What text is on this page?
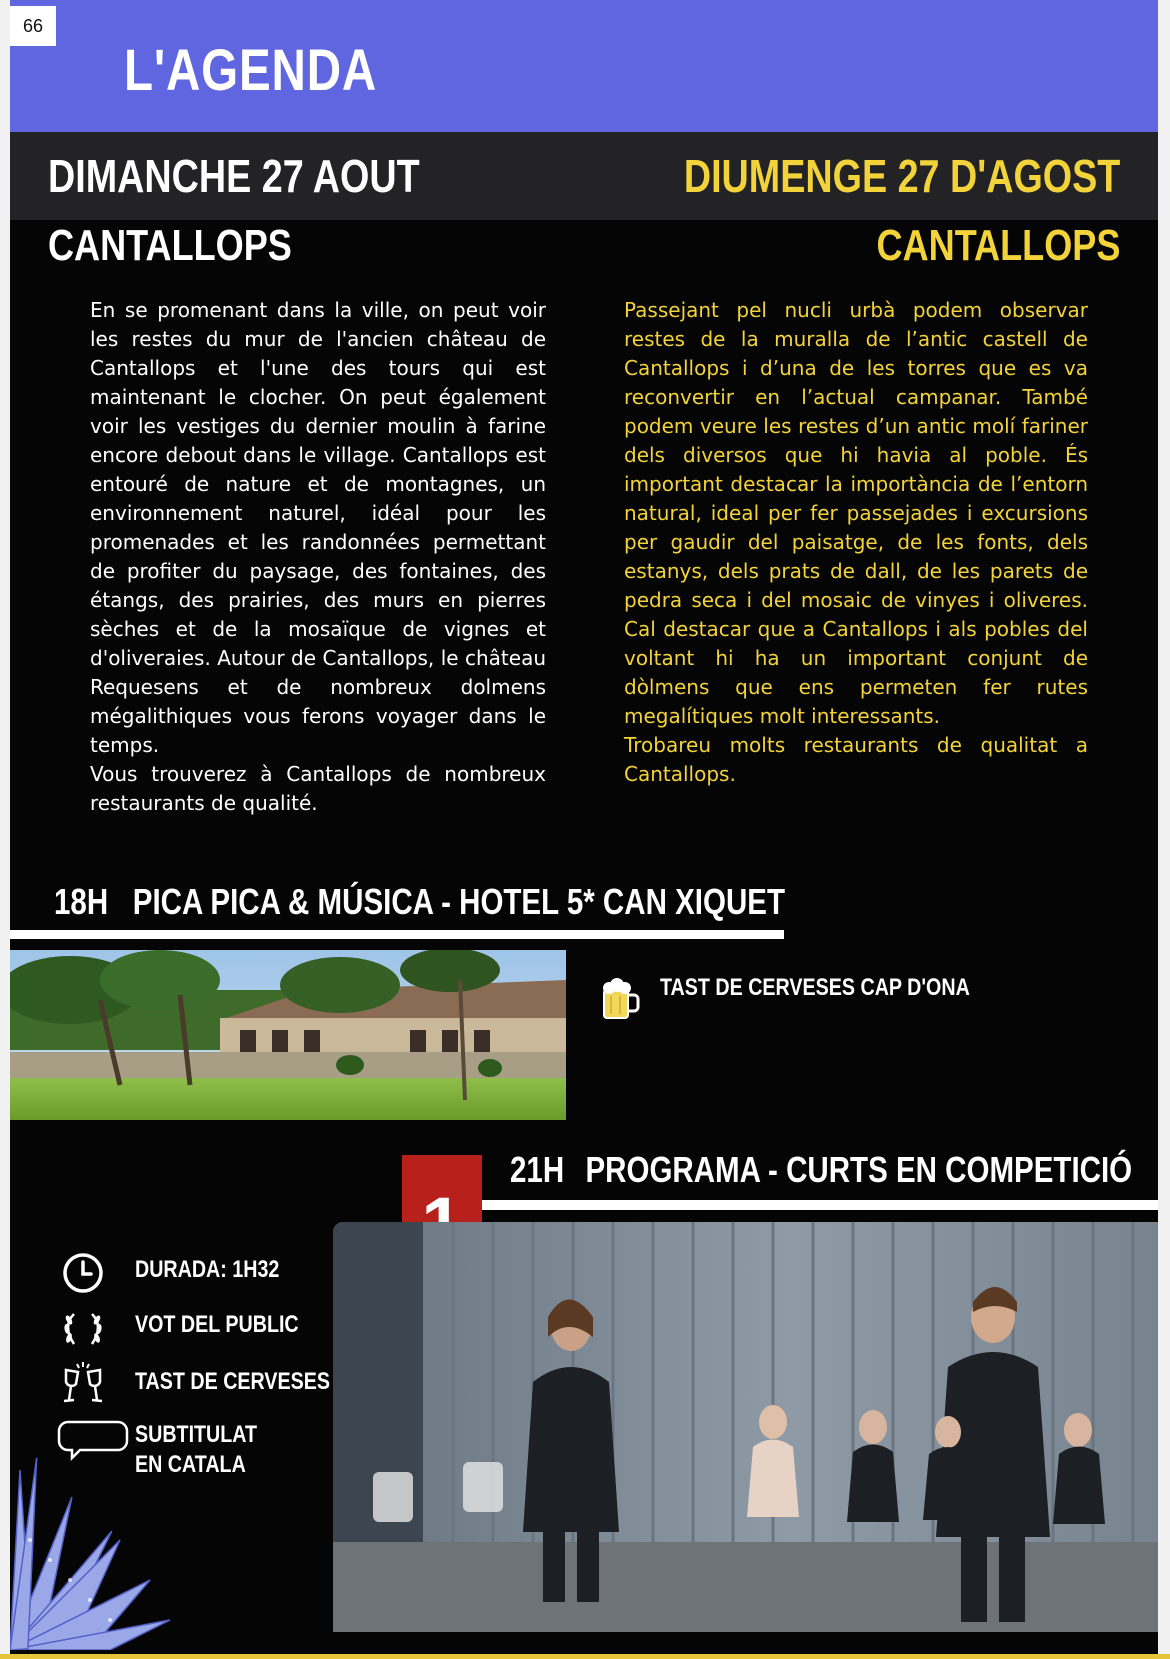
66
L'AGENDA
DIMANCHE 27 AOUT	DIUMENGE 27 D'AGOST
CANTALLOPS	CANTALLOPS
En se promenant dans la ville, on peut voir les restes du mur de l'ancien château de Cantallops et l'une des tours qui est maintenant le clocher. On peut également voir les vestiges du dernier moulin à farine encore debout dans le village. Cantallops est entouré de nature et de montagnes, un environnement naturel, idéal pour les promenades et les randonnées permettant de profiter du paysage, des fontaines, des étangs, des prairies, des murs en pierres sèches et de la mosaïque de vignes et d'oliveraies. Autour de Cantallops, le château Requesens et de nombreux dolmens mégalithiques vous ferons voyager dans le temps.
Vous trouverez à Cantallops de nombreux restaurants de qualité.
Passejant pel nucli urbà podem observar restes de la muralla de l’antic castell de Cantallops i d’una de les torres que es va reconvertir en l’actual campanar. També podem veure les restes d’un antic molí fariner dels diversos que hi havia al poble. És important destacar la importància de l’entorn natural, ideal per fer passejades i excursions per gaudir del paisatge, de les fonts, dels estanys, dels prats de dall, de les parets de pedra seca i del mosaic de vinyes i oliveres. Cal destacar que a Cantallops i als pobles del voltant hi ha un important conjunt de dòlmens que ens permeten fer rutes megalítiques molt interessants.
Trobareu molts restaurants de qualitat a Cantallops.
18H PICA PICA & MÚSICA - HOTEL 5* CAN XIQUET
TAST DE CERVESES CAP D'ONA
21H PROGRAMA - CURTS EN COMPETICIÓ
DURADA: 1H32
VOT DEL PUBLIC
TAST DE CERVESES
SUBTITULAT
EN CATALA
